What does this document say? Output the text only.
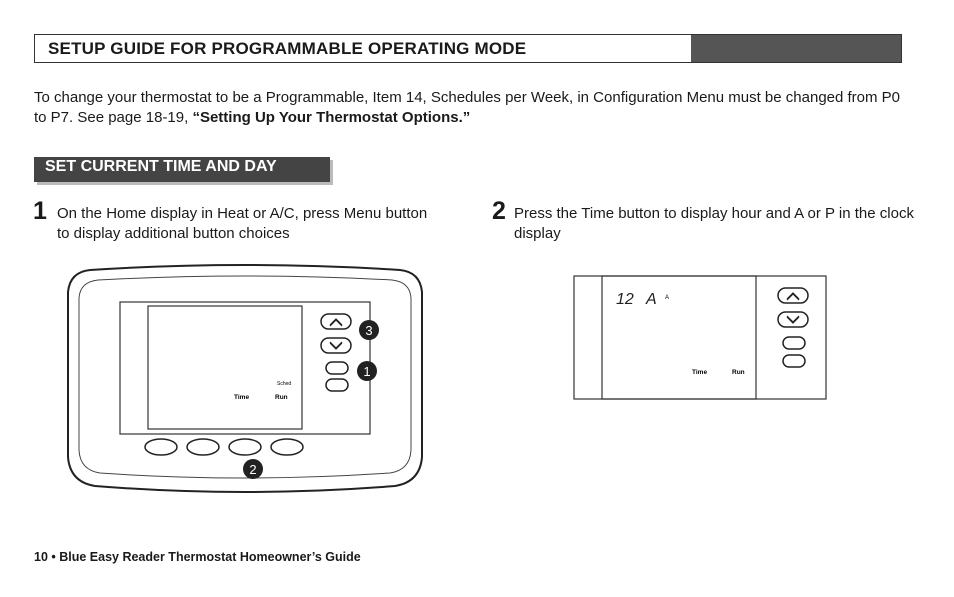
SETUP GUIDE FOR PROGRAMMABLE OPERATING MODE
To change your thermostat to be a Programmable, Item 14, Schedules per Week, in Configuration Menu must be changed from P0 to P7. See page 18-19, “Setting Up Your Thermostat Options.”
SET CURRENT TIME AND DAY
1 On the Home display in Heat or A/C, press Menu button to display additional button choices
2 Press the Time button to display hour and A or P in the clock display
Sched
Time	Run
3
1
2
12 A A
Time	Run
10 • Blue Easy Reader Thermostat Homeowner’s Guide
